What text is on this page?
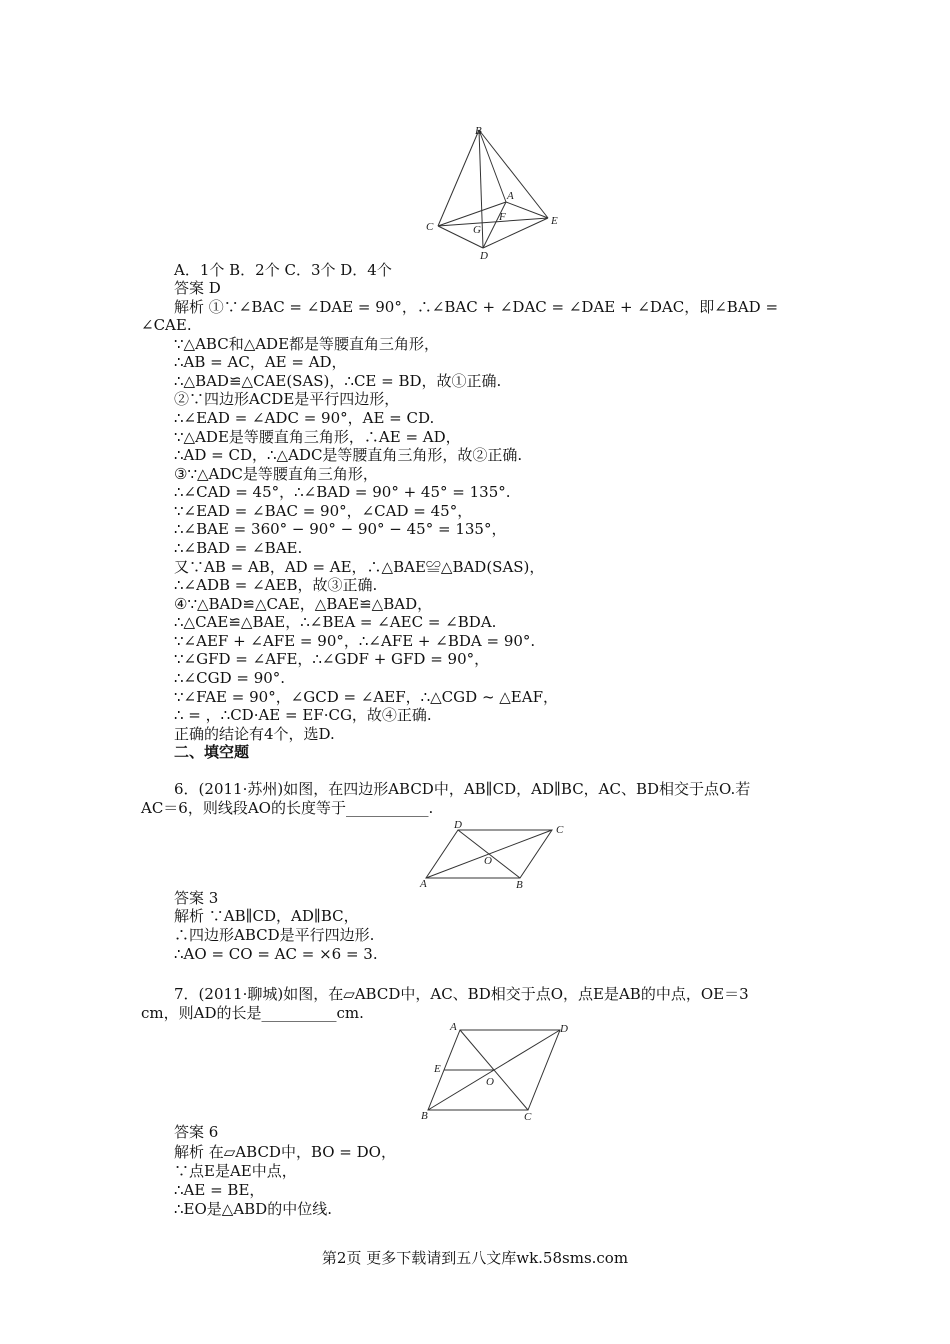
B
A
C
F	E
G
D
A．1个 B．2个 C．3个 D．4个
答案 D
解析 ①∵∠BAC = ∠DAE = 90°，∴∠BAC + ∠DAC = ∠DAE + ∠DAC，即∠BAD =
∠CAE.
∵△ABC和△ADE都是等腰直角三角形，
∴AB = AC，AE = AD，
∴△BAD≌△CAE(SAS)，∴CE = BD，故①正确.
②∵四边形ACDE是平行四边形，
∴∠EAD = ∠ADC = 90°，AE = CD.
∵△ADE是等腰直角三角形，∴AE = AD，
∴AD = CD，∴△ADC是等腰直角三角形，故②正确.
③∵△ADC是等腰直角三角形，
∴∠CAD = 45°，∴∠BAD = 90° + 45° = 135°.
∵∠EAD = ∠BAC = 90°，∠CAD = 45°，
∴∠BAE = 360° − 90° − 90° − 45° = 135°，
∴∠BAD = ∠BAE.
又∵AB = AB，AD = AE，∴△BAE≌△BAD(SAS)，
∴∠ADB = ∠AEB，故③正确.
④∵△BAD≌△CAE，△BAE≌△BAD，
∴△CAE≌△BAE，∴∠BEA = ∠AEC = ∠BDA.
∵∠AEF + ∠AFE = 90°，∴∠AFE + ∠BDA = 90°.
∵∠GFD = ∠AFE，∴∠GDF + GFD = 90°，
∴∠CGD = 90°.
∵∠FAE = 90°，∠GCD = ∠AEF，∴△CGD ~ △EAF，
∴ = ，∴CD·AE = EF·CG，故④正确.
正确的结论有4个，选D.
二、填空题
6．(2011·苏州)如图，在四边形ABCD中，AB∥CD，AD∥BC，AC、BD相交于点O.若
AC＝6，则线段AO的长度等于___________.
D	C
O
A	B
答案 3
解析 ∵AB∥CD，AD∥BC，
∴四边形ABCD是平行四边形.
∴AO = CO = AC = ×6 = 3.
7．(2011·聊城)如图，在▱ABCD中，AC、BD相交于点O，点E是AB的中点，OE＝3
cm，则AD的长是__________cm.
A	D
E
O
B	C
答案 6
解析 在▱ABCD中，BO = DO，
∵点E是AE中点，
∴AE = BE，
∴EO是△ABD的中位线.
第2页 更多下载请到五八文库wk.58sms.com
